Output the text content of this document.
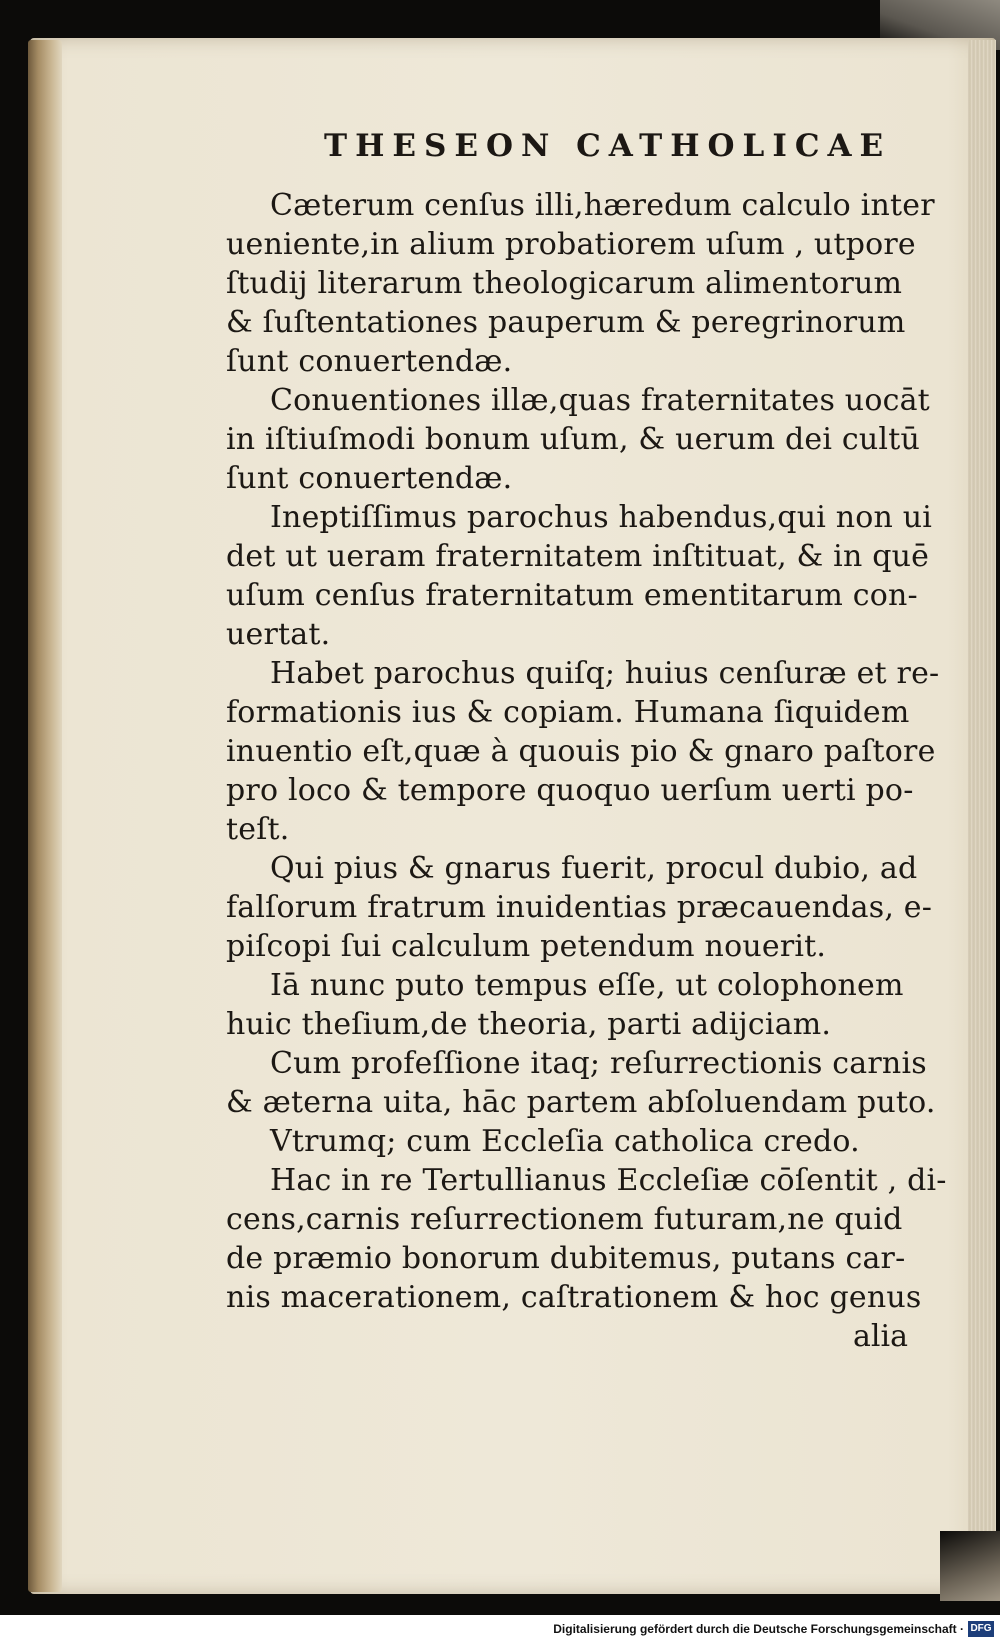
THESEON CATHOLICAE
Cæterum cenſus illi,hæredum calculo inter
ueniente,in alium probatiorem uſum , utpore
ſtudij literarum theologicarum alimentorum
& ſuſtentationes pauperum & peregrinorum
ſunt conuertendæ.
Conuentiones illæ,quas fraternitates uocāt
in iſtiuſmodi bonum uſum, & uerum dei cultū
ſunt conuertendæ.
Ineptiſſimus parochus habendus,qui non ui
det ut ueram fraternitatem inſtituat, & in quē
uſum cenſus fraternitatum ementitarum con-
uertat.
Habet parochus quiſq; huius cenſuræ et re-
formationis ius & copiam. Humana ſiquidem
inuentio eſt,quæ à quouis pio & gnaro paſtore
pro loco & tempore quoquo uerſum uerti po-
teſt.
Qui pius & gnarus fuerit, procul dubio, ad
falſorum fratrum inuidentias præcauendas, e-
piſcopi ſui calculum petendum nouerit.
Iā nunc puto tempus eſſe, ut colophonem
huic theſium,de theoria, parti adijciam.
Cum profeſſione itaq; reſurrectionis carnis
& æterna uita, hāc partem abſoluendam puto.
Vtrumq; cum Eccleſia catholica credo.
Hac in re Tertullianus Eccleſiæ cōſentit , di-
cens,carnis reſurrectionem futuram,ne quid
de præmio bonorum dubitemus, putans car-
nis macerationem, caſtrationem & hoc genus
alia
Digitalisierung gefördert durch die Deutsche Forschungsgemeinschaft · DFG
